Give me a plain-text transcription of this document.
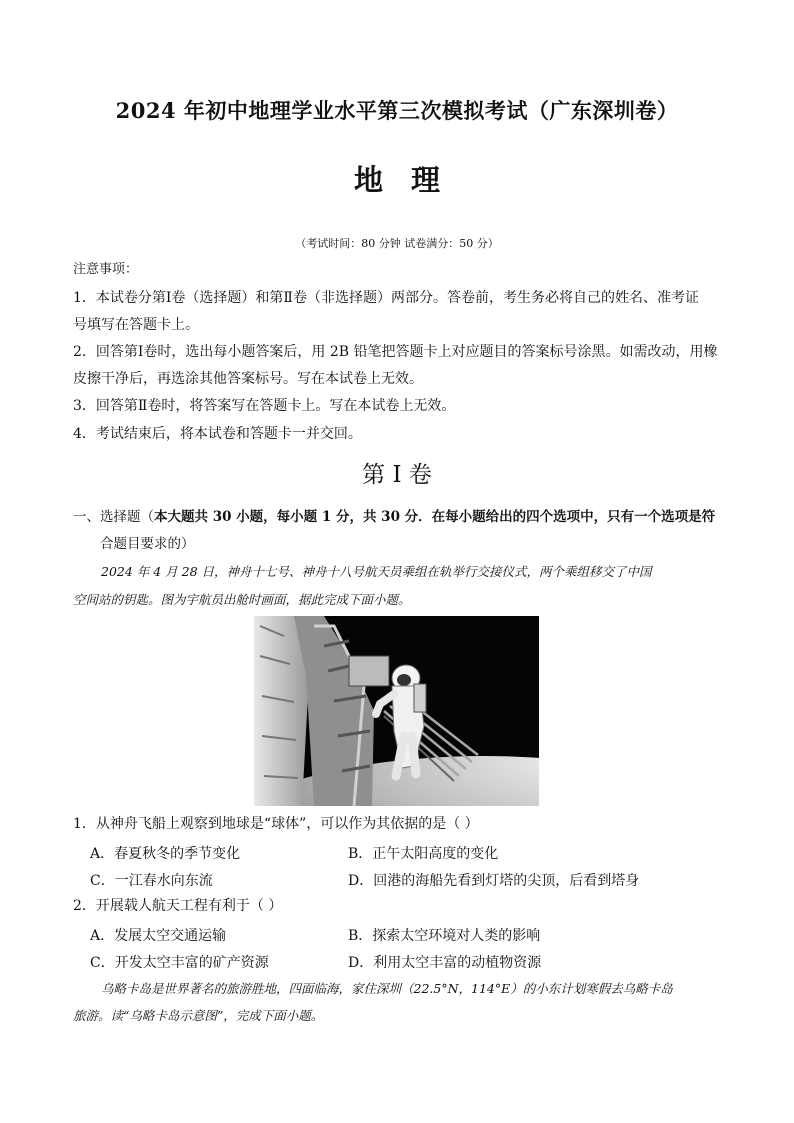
2024 年初中地理学业水平第三次模拟考试（广东深圳卷）
地理
（考试时间：80 分钟 试卷满分：50 分）
注意事项：
1．本试卷分第Ⅰ卷（选择题）和第Ⅱ卷（非选择题）两部分。答卷前，考生务必将自己的姓名、准考证
号填写在答题卡上。
2．回答第Ⅰ卷时，选出每小题答案后，用 2B 铅笔把答题卡上对应题目的答案标号涂黑。如需改动，用橡
皮擦干净后，再选涂其他答案标号。写在本试卷上无效。
3．回答第Ⅱ卷时，将答案写在答题卡上。写在本试卷上无效。
4．考试结束后，将本试卷和答题卡一并交回。
第 I 卷
一、选择题（本大题共 30 小题，每小题 1 分，共 30 分．在每小题给出的四个选项中，只有一个选项是符
合题目要求的）
2024 年 4 月 28 日，神舟十七号、神舟十八号航天员乘组在轨举行交接仪式，两个乘组移交了中国
空间站的钥匙。图为宇航员出舱时画面，据此完成下面小题。
1．从神舟飞船上观察到地球是“球体”，可以作为其依据的是（ ）
A．春夏秋冬的季节变化	B．正午太阳高度的变化
C．一江春水向东流	D．回港的海船先看到灯塔的尖顶，后看到塔身
2．开展载人航天工程有利于（ ）
A．发展太空交通运输	B．探索太空环境对人类的影响
C．开发太空丰富的矿产资源	D．利用太空丰富的动植物资源
乌略卡岛是世界著名的旅游胜地，四面临海，家住深圳（22.5°N，114°E）的小东计划寒假去乌略卡岛
旅游。读“乌略卡岛示意图”，完成下面小题。
